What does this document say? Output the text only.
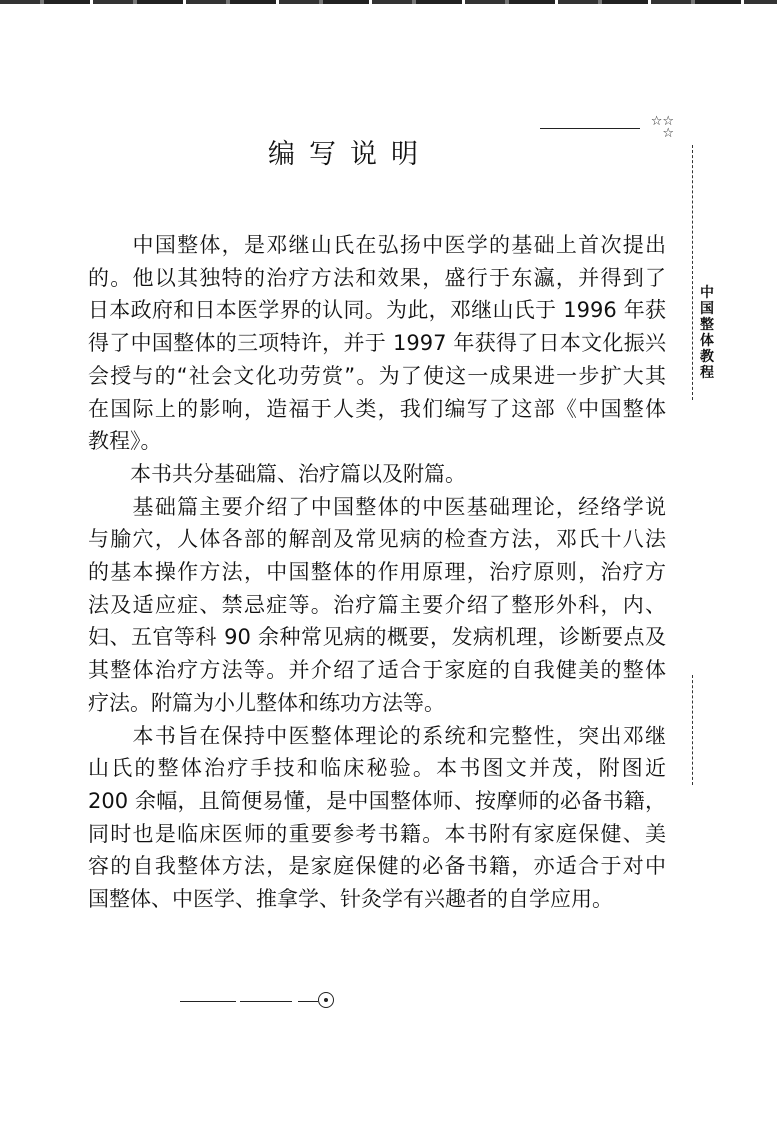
☆☆
☆
中
国
整
体
教
程
编写说明
　　中国整体，是邓继山氏在弘扬中医学的基础上首次提出
的。他以其独特的治疗方法和效果，盛行于东瀛，并得到了
日本政府和日本医学界的认同。为此，邓继山氏于 1996 年获
得了中国整体的三项特许，并于 1997 年获得了日本文化振兴
会授与的“社会文化功劳赏”。为了使这一成果进一步扩大其
在国际上的影响，造福于人类，我们编写了这部《中国整体
教程》。
　　本书共分基础篇、治疗篇以及附篇。
　　基础篇主要介绍了中国整体的中医基础理论，经络学说
与腧穴，人体各部的解剖及常见病的检查方法，邓氏十八法
的基本操作方法，中国整体的作用原理，治疗原则，治疗方
法及适应症、禁忌症等。治疗篇主要介绍了整形外科，内、
妇、五官等科 90 余种常见病的概要，发病机理，诊断要点及
其整体治疗方法等。并介绍了适合于家庭的自我健美的整体
疗法。附篇为小儿整体和练功方法等。
　　本书旨在保持中医整体理论的系统和完整性，突出邓继
山氏的整体治疗手技和临床秘验。本书图文并茂，附图近
200 余幅，且简便易懂，是中国整体师、按摩师的必备书籍，
同时也是临床医师的重要参考书籍。本书附有家庭保健、美
容的自我整体方法，是家庭保健的必备书籍，亦适合于对中
国整体、中医学、推拿学、针灸学有兴趣者的自学应用。
